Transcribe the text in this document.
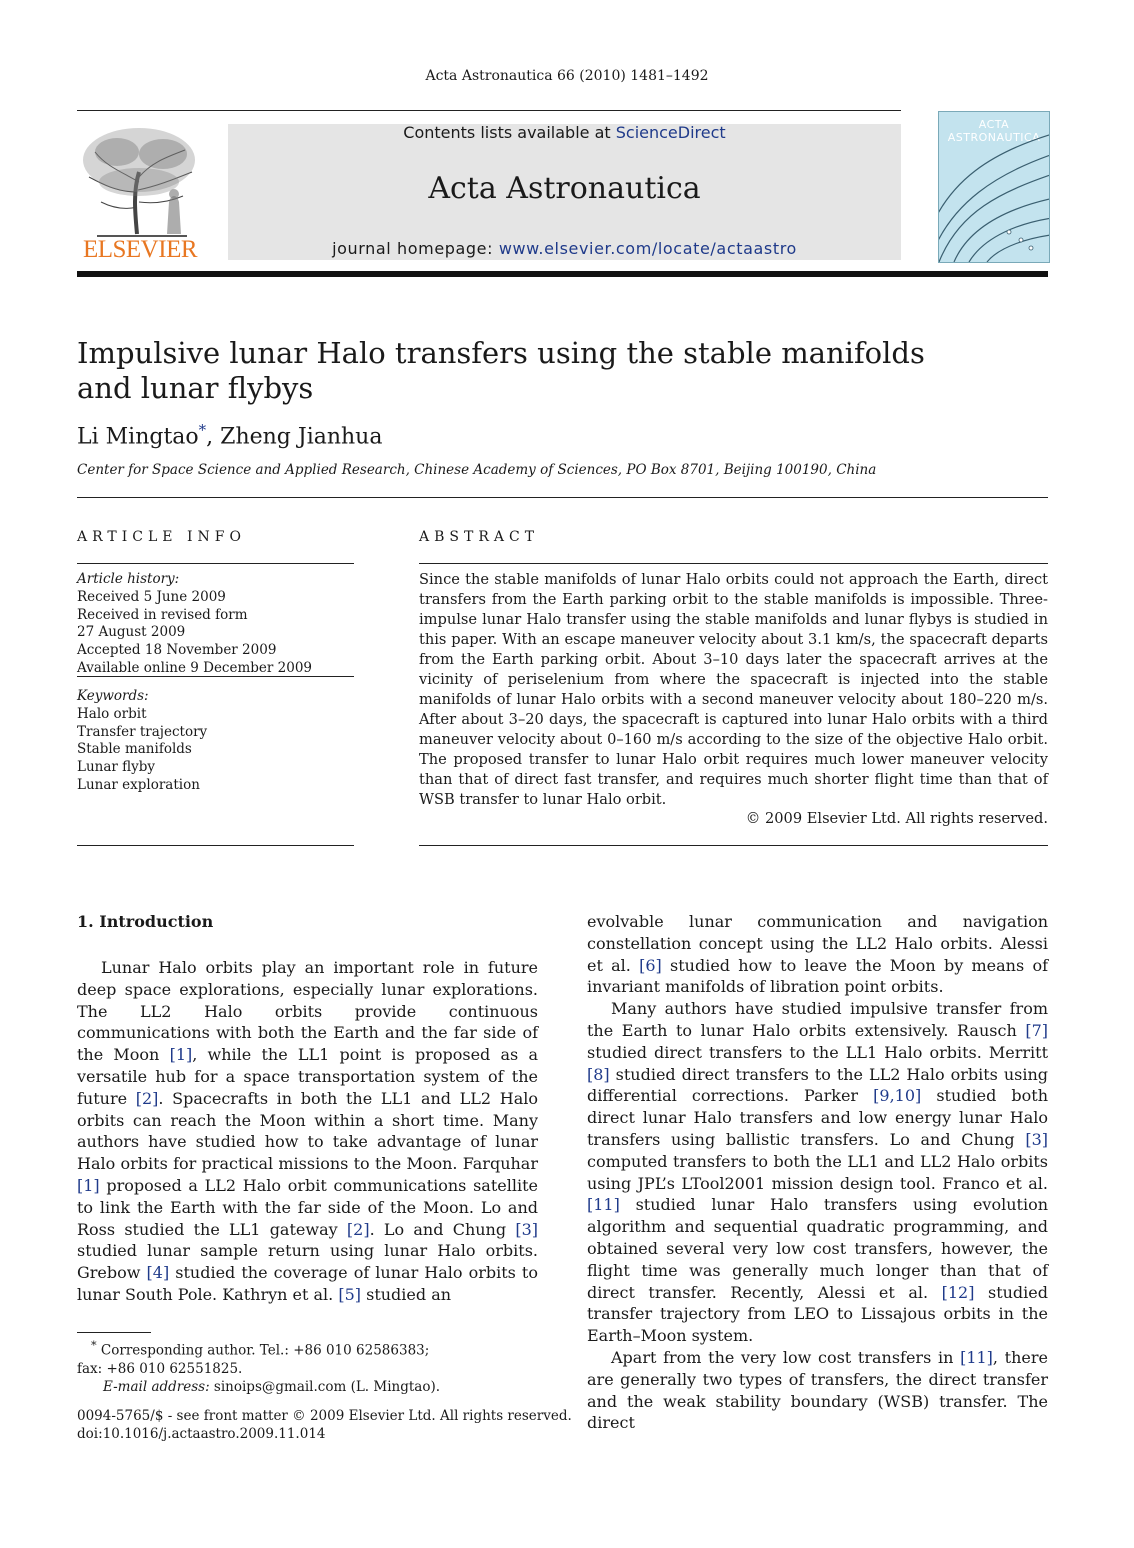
Acta Astronautica 66 (2010) 1481–1492
ELSEVIER
Contents lists available at ScienceDirect
Acta Astronautica
journal homepage: www.elsevier.com/locate/actaastro
ACTA ASTRONAUTICA
Impulsive lunar Halo transfers using the stable manifolds
and lunar flybys
Li Mingtao*, Zheng Jianhua
Center for Space Science and Applied Research, Chinese Academy of Sciences, PO Box 8701, Beijing 100190, China
ARTICLE INFO
Article history:
Received 5 June 2009
Received in revised form
27 August 2009
Accepted 18 November 2009
Available online 9 December 2009
Keywords:
Halo orbit
Transfer trajectory
Stable manifolds
Lunar flyby
Lunar exploration
ABSTRACT
Since the stable manifolds of lunar Halo orbits could not approach the Earth, direct transfers from the Earth parking orbit to the stable manifolds is impossible. Three-impulse lunar Halo transfer using the stable manifolds and lunar flybys is studied in this paper. With an escape maneuver velocity about 3.1 km/s, the spacecraft departs from the Earth parking orbit. About 3–10 days later the spacecraft arrives at the vicinity of periselenium from where the spacecraft is injected into the stable manifolds of lunar Halo orbits with a second maneuver velocity about 180–220 m/s. After about 3–20 days, the spacecraft is captured into lunar Halo orbits with a third maneuver velocity about 0–160 m/s according to the size of the objective Halo orbit. The proposed transfer to lunar Halo orbit requires much lower maneuver velocity than that of direct fast transfer, and requires much shorter flight time than that of WSB transfer to lunar Halo orbit.
© 2009 Elsevier Ltd. All rights reserved.
1. Introduction

Lunar Halo orbits play an important role in future deep space explorations, especially lunar explorations. The LL2 Halo orbits provide continuous communications with both the Earth and the far side of the Moon [1], while the LL1 point is proposed as a versatile hub for a space transportation system of the future [2]. Spacecrafts in both the LL1 and LL2 Halo orbits can reach the Moon within a short time. Many authors have studied how to take advantage of lunar Halo orbits for practical missions to the Moon. Farquhar [1] proposed a LL2 Halo orbit communications satellite to link the Earth with the far side of the Moon. Lo and Ross studied the LL1 gateway [2]. Lo and Chung [3] studied lunar sample return using lunar Halo orbits. Grebow [4] studied the coverage of lunar Halo orbits to lunar South Pole. Kathryn et al. [5] studied an

evolvable lunar communication and navigation constellation concept using the LL2 Halo orbits. Alessi et al. [6] studied how to leave the Moon by means of invariant manifolds of libration point orbits.

Many authors have studied impulsive transfer from the Earth to lunar Halo orbits extensively. Rausch [7] studied direct transfers to the LL1 Halo orbits. Merritt [8] studied direct transfers to the LL2 Halo orbits using differential corrections. Parker [9,10] studied both direct lunar Halo transfers and low energy lunar Halo transfers using ballistic transfers. Lo and Chung [3] computed transfers to both the LL1 and LL2 Halo orbits using JPL’s LTool2001 mission design tool. Franco et al. [11] studied lunar Halo transfers using evolution algorithm and sequential quadratic programming, and obtained several very low cost transfers, however, the flight time was generally much longer than that of direct transfer. Recently, Alessi et al. [12] studied transfer trajectory from LEO to Lissajous orbits in the Earth–Moon system.

Apart from the very low cost transfers in [11], there are generally two types of transfers, the direct transfer and the weak stability boundary (WSB) transfer. The direct

* Corresponding author. Tel.: +86 010 62586383;
fax: +86 010 62551825.
E-mail address: sinoips@gmail.com (L. Mingtao).
0094-5765/$ - see front matter © 2009 Elsevier Ltd. All rights reserved.
doi:10.1016/j.actaastro.2009.11.014
